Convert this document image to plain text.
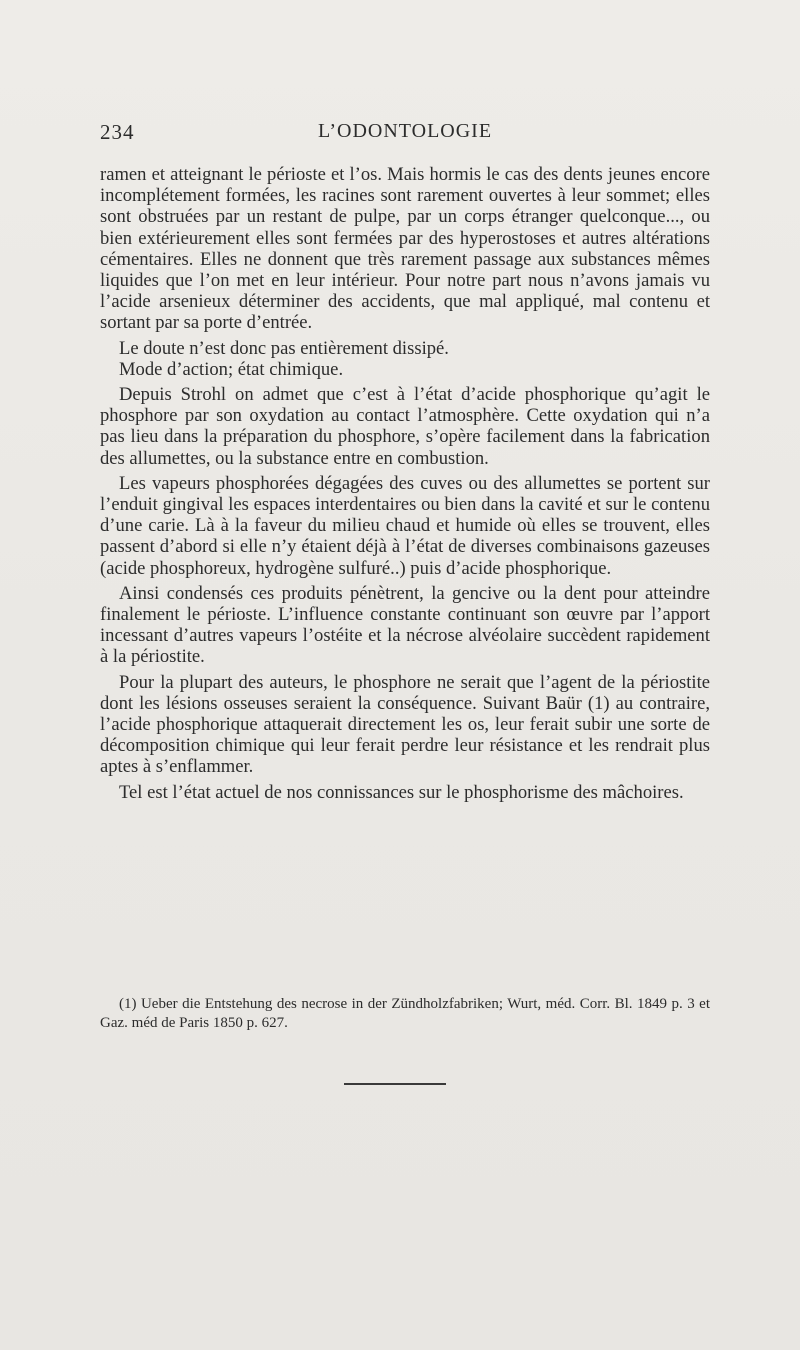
234	L’ODONTOLOGIE

ramen et atteignant le périoste et l’os. Mais hormis le cas des dents jeunes encore incomplétement formées, les racines sont rarement ouvertes à leur sommet; elles sont obstruées par un restant de pulpe, par un corps étranger quelconque..., ou bien extérieurement elles sont fermées par des hyperostoses et autres altérations cémentaires. Elles ne donnent que très rarement passage aux substances mêmes liquides que l’on met en leur intérieur. Pour notre part nous n’avons jamais vu l’acide arsenieux déterminer des accidents, que mal appliqué, mal contenu et sortant par sa porte d’entrée.

Le doute n’est donc pas entièrement dissipé.

Mode d’action; état chimique.

Depuis Strohl on admet que c’est à l’état d’acide phosphorique qu’agit le phosphore par son oxydation au contact l’atmosphère. Cette oxydation qui n’a pas lieu dans la préparation du phosphore, s’opère facilement dans la fabrication des allumettes, ou la substance entre en combustion.

Les vapeurs phosphorées dégagées des cuves ou des allumettes se portent sur l’enduit gingival les espaces interdentaires ou bien dans la cavité et sur le contenu d’une carie. Là à la faveur du milieu chaud et humide où elles se trouvent, elles passent d’abord si elle n’y étaient déjà à l’état de diverses combinaisons gazeuses (acide phosphoreux, hydrogène sulfuré..) puis d’acide phosphorique.

Ainsi condensés ces produits pénètrent, la gencive ou la dent pour atteindre finalement le périoste. L’influence constante continuant son œuvre par l’apport incessant d’autres vapeurs l’ostéite et la nécrose alvéolaire succèdent rapidement à la périostite.

Pour la plupart des auteurs, le phosphore ne serait que l’agent de la périostite dont les lésions osseuses seraient la conséquence. Suivant Baür (1) au contraire, l’acide phosphorique attaquerait directement les os, leur ferait subir une sorte de décomposition chimique qui leur ferait perdre leur résistance et les rendrait plus aptes à s’enflammer.

Tel est l’état actuel de nos connissances sur le phosphorisme des mâchoires.

(1) Ueber die Entstehung des necrose in der Zündholzfabriken; Wurt, méd. Corr. Bl. 1849 p. 3 et Gaz. méd de Paris 1850 p. 627.
